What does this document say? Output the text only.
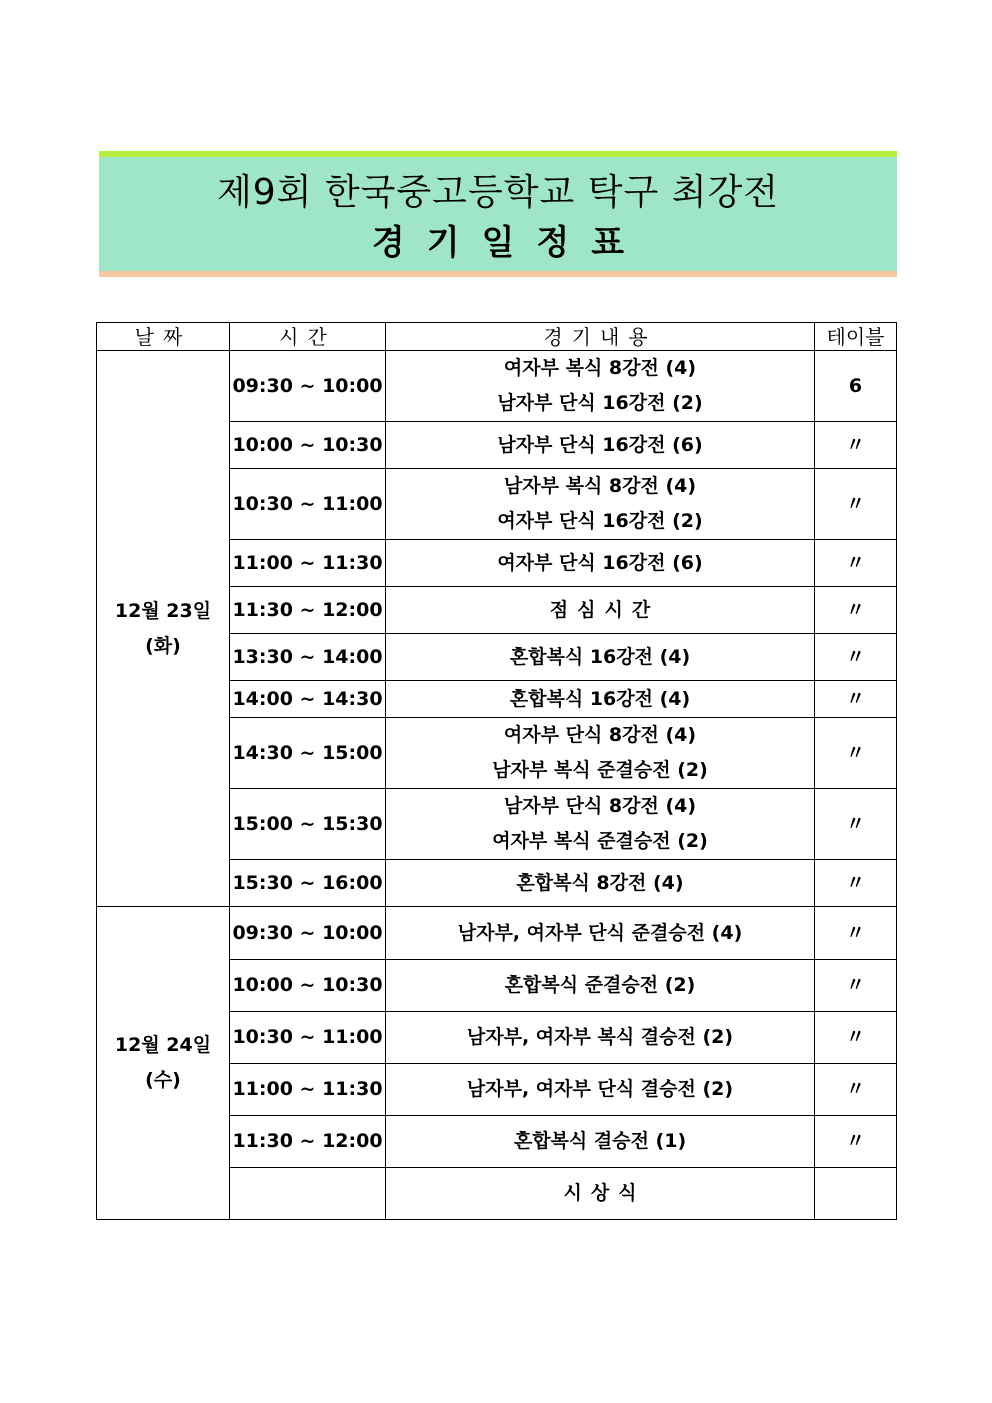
제9회 한국중고등학교 탁구 최강전
경기일정표
날짜	시간	경기내용	테이블

12월 23일
(화)	09:30 ~ 10:00	여자부 복식 8강전 (4)
남자부 단식 16강전 (2)	6
	10:00 ~ 10:30	남자부 단식 16강전 (6)	〃
	10:30 ~ 11:00	남자부 복식 8강전 (4)
여자부 단식 16강전 (2)	〃
	11:00 ~ 11:30	여자부 단식 16강전 (6)	〃
	11:30 ~ 12:00	점심시간	〃
	13:30 ~ 14:00	혼합복식 16강전 (4)	〃
	14:00 ~ 14:30	혼합복식 16강전 (4)	〃
	14:30 ~ 15:00	여자부 단식 8강전 (4)
남자부 복식 준결승전 (2)	〃
	15:00 ~ 15:30	남자부 단식 8강전 (4)
여자부 복식 준결승전 (2)	〃
	15:30 ~ 16:00	혼합복식 8강전 (4)	〃

12월 24일
(수)	09:30 ~ 10:00	남자부, 여자부 단식 준결승전 (4)	〃
	10:00 ~ 10:30	혼합복식 준결승전 (2)	〃
	10:30 ~ 11:00	남자부, 여자부 복식 결승전 (2)	〃
	11:00 ~ 11:30	남자부, 여자부 단식 결승전 (2)	〃
	11:30 ~ 12:00	혼합복식 결승전 (1)	〃

		시상식	
